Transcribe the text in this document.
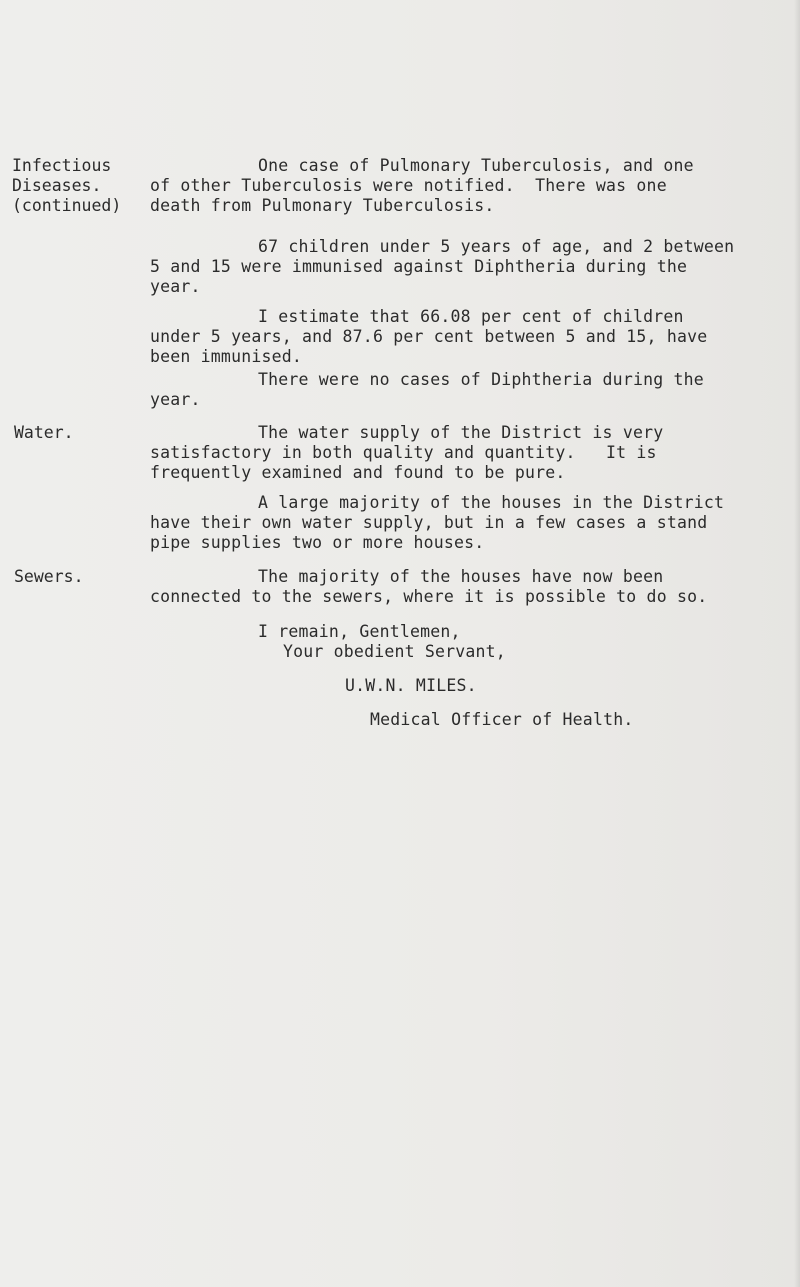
Infectious
Diseases.
(continued)
Water.
Sewers.
One case of Pulmonary Tuberculosis, and one
of other Tuberculosis were notified.  There was one
death from Pulmonary Tuberculosis.
67 children under 5 years of age, and 2 between
5 and 15 were immunised against Diphtheria during the
year.
I estimate that 66.08 per cent of children
under 5 years, and 87.6 per cent between 5 and 15, have
been immunised.
There were no cases of Diphtheria during the
year.
The water supply of the District is very
satisfactory in both quality and quantity.   It is
frequently examined and found to be pure.
A large majority of the houses in the District
have their own water supply, but in a few cases a stand
pipe supplies two or more houses.
The majority of the houses have now been
connected to the sewers, where it is possible to do so.
I remain, Gentlemen,
Your obedient Servant,
U.W.N. MILES.
Medical Officer of Health.
